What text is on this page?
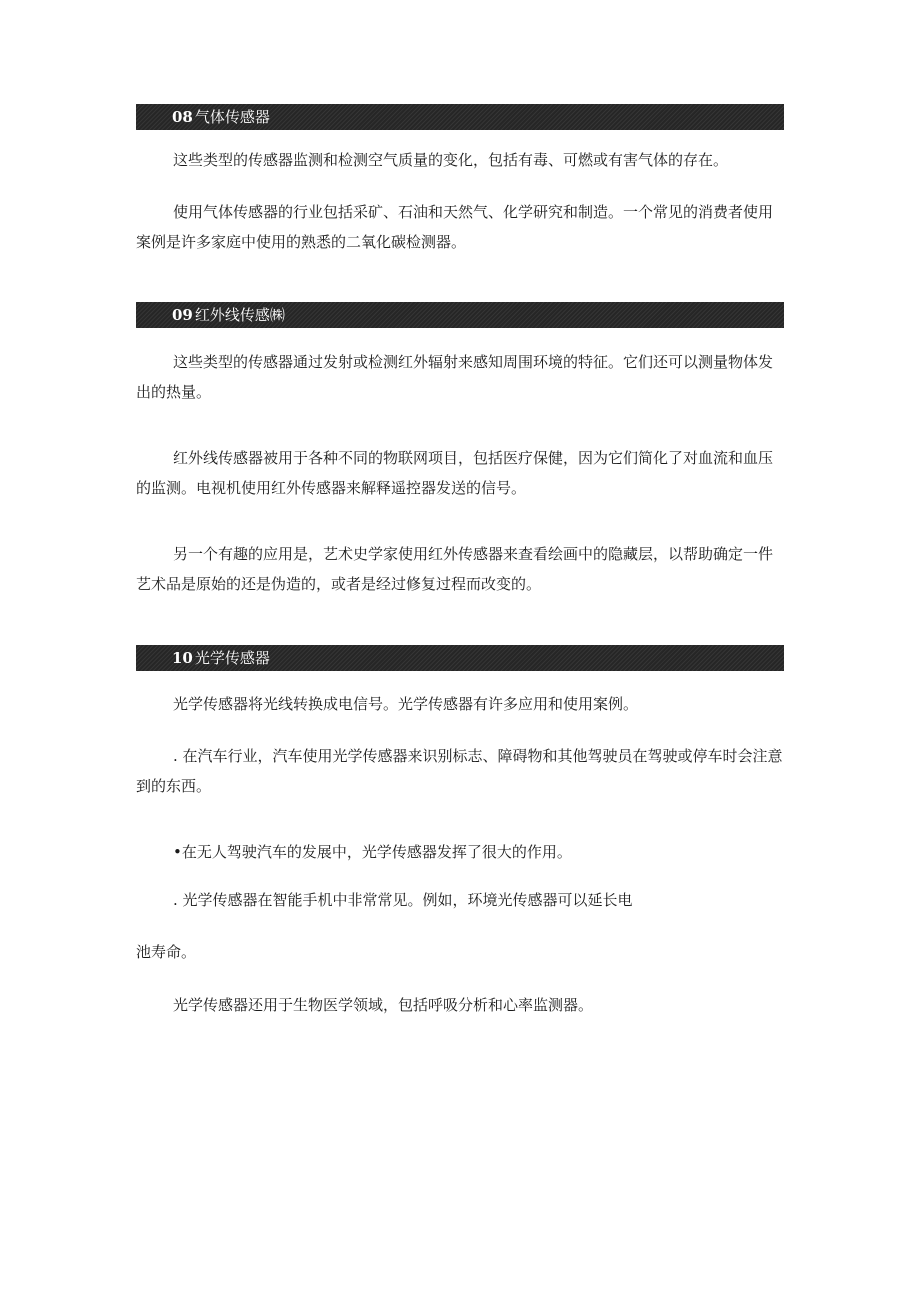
08 气体传感器

这些类型的传感器监测和检测空气质量的变化，包括有毒、可燃或有害气体的存在。

使用气体传感器的行业包括采矿、石油和天然气、化学研究和制造。一个常见的消费者使用案例是许多家庭中使用的熟悉的二氧化碳检测器。

09 红外线传感㈱

这些类型的传感器通过发射或检测红外辐射来感知周围环境的特征。它们还可以测量物体发出的热量。

红外线传感器被用于各种不同的物联网项目，包括医疗保健，因为它们简化了对血流和血压的监测。电视机使用红外传感器来解释遥控器发送的信号。

另一个有趣的应用是，艺术史学家使用红外传感器来查看绘画中的隐藏层，以帮助确定一件艺术品是原始的还是伪造的，或者是经过修复过程而改变的。

10 光学传感器

光学传感器将光线转换成电信号。光学传感器有许多应用和使用案例。

. 在汽车行业，汽车使用光学传感器来识别标志、障碍物和其他驾驶员在驾驶或停车时会注意到的东西。

•在无人驾驶汽车的发展中，光学传感器发挥了很大的作用。

. 光学传感器在智能手机中非常常见。例如，环境光传感器可以延长电

池寿命。

光学传感器还用于生物医学领域，包括呼吸分析和心率监测器。
